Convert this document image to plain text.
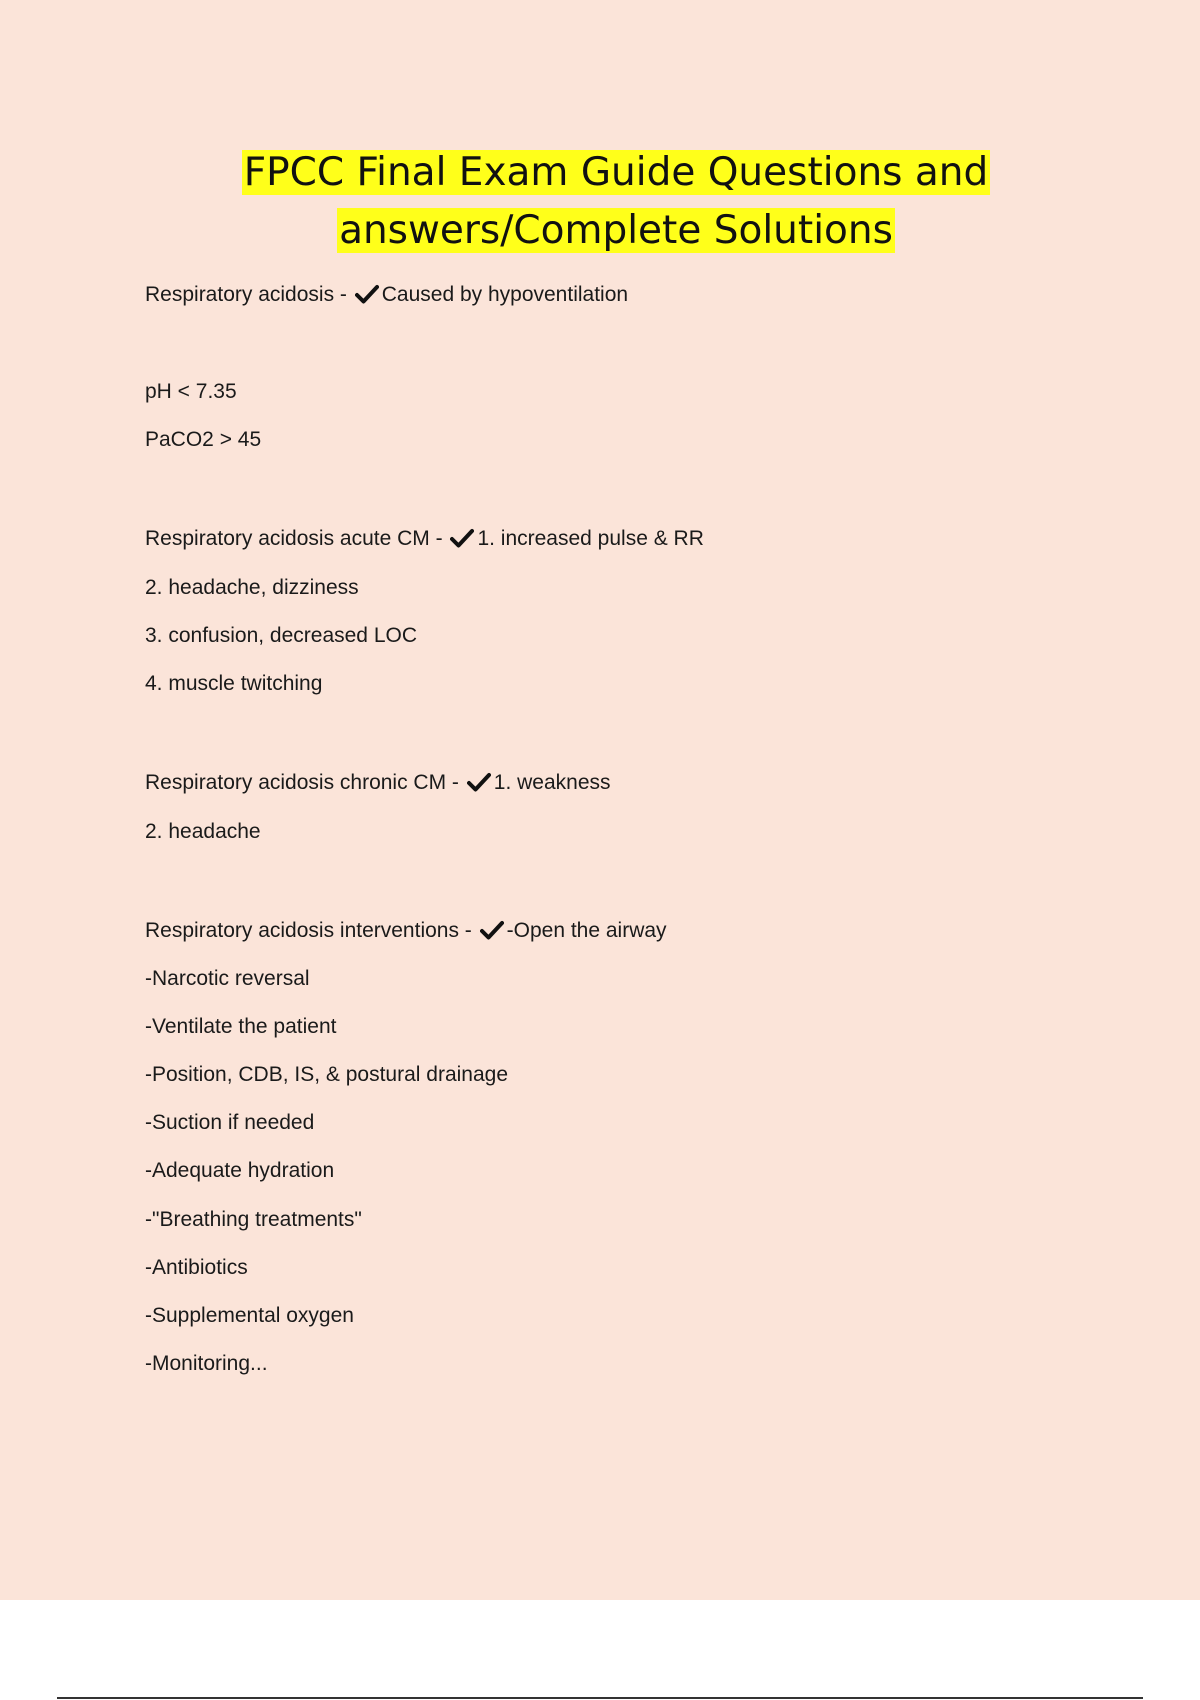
FPCC Final Exam Guide Questions and
answers/Complete Solutions
Respiratory acidosis -
Caused by hypoventilation
pH < 7.35
PaCO2 > 45
Respiratory acidosis acute CM -
1. increased pulse & RR
2. headache, dizziness
3. confusion, decreased LOC
4. muscle twitching
Respiratory acidosis chronic CM -
1. weakness
2. headache
Respiratory acidosis interventions -
-Open the airway
-Narcotic reversal
-Ventilate the patient
-Position, CDB, IS, & postural drainage
-Suction if needed
-Adequate hydration
-"Breathing treatments"
-Antibiotics
-Supplemental oxygen
-Monitoring...
